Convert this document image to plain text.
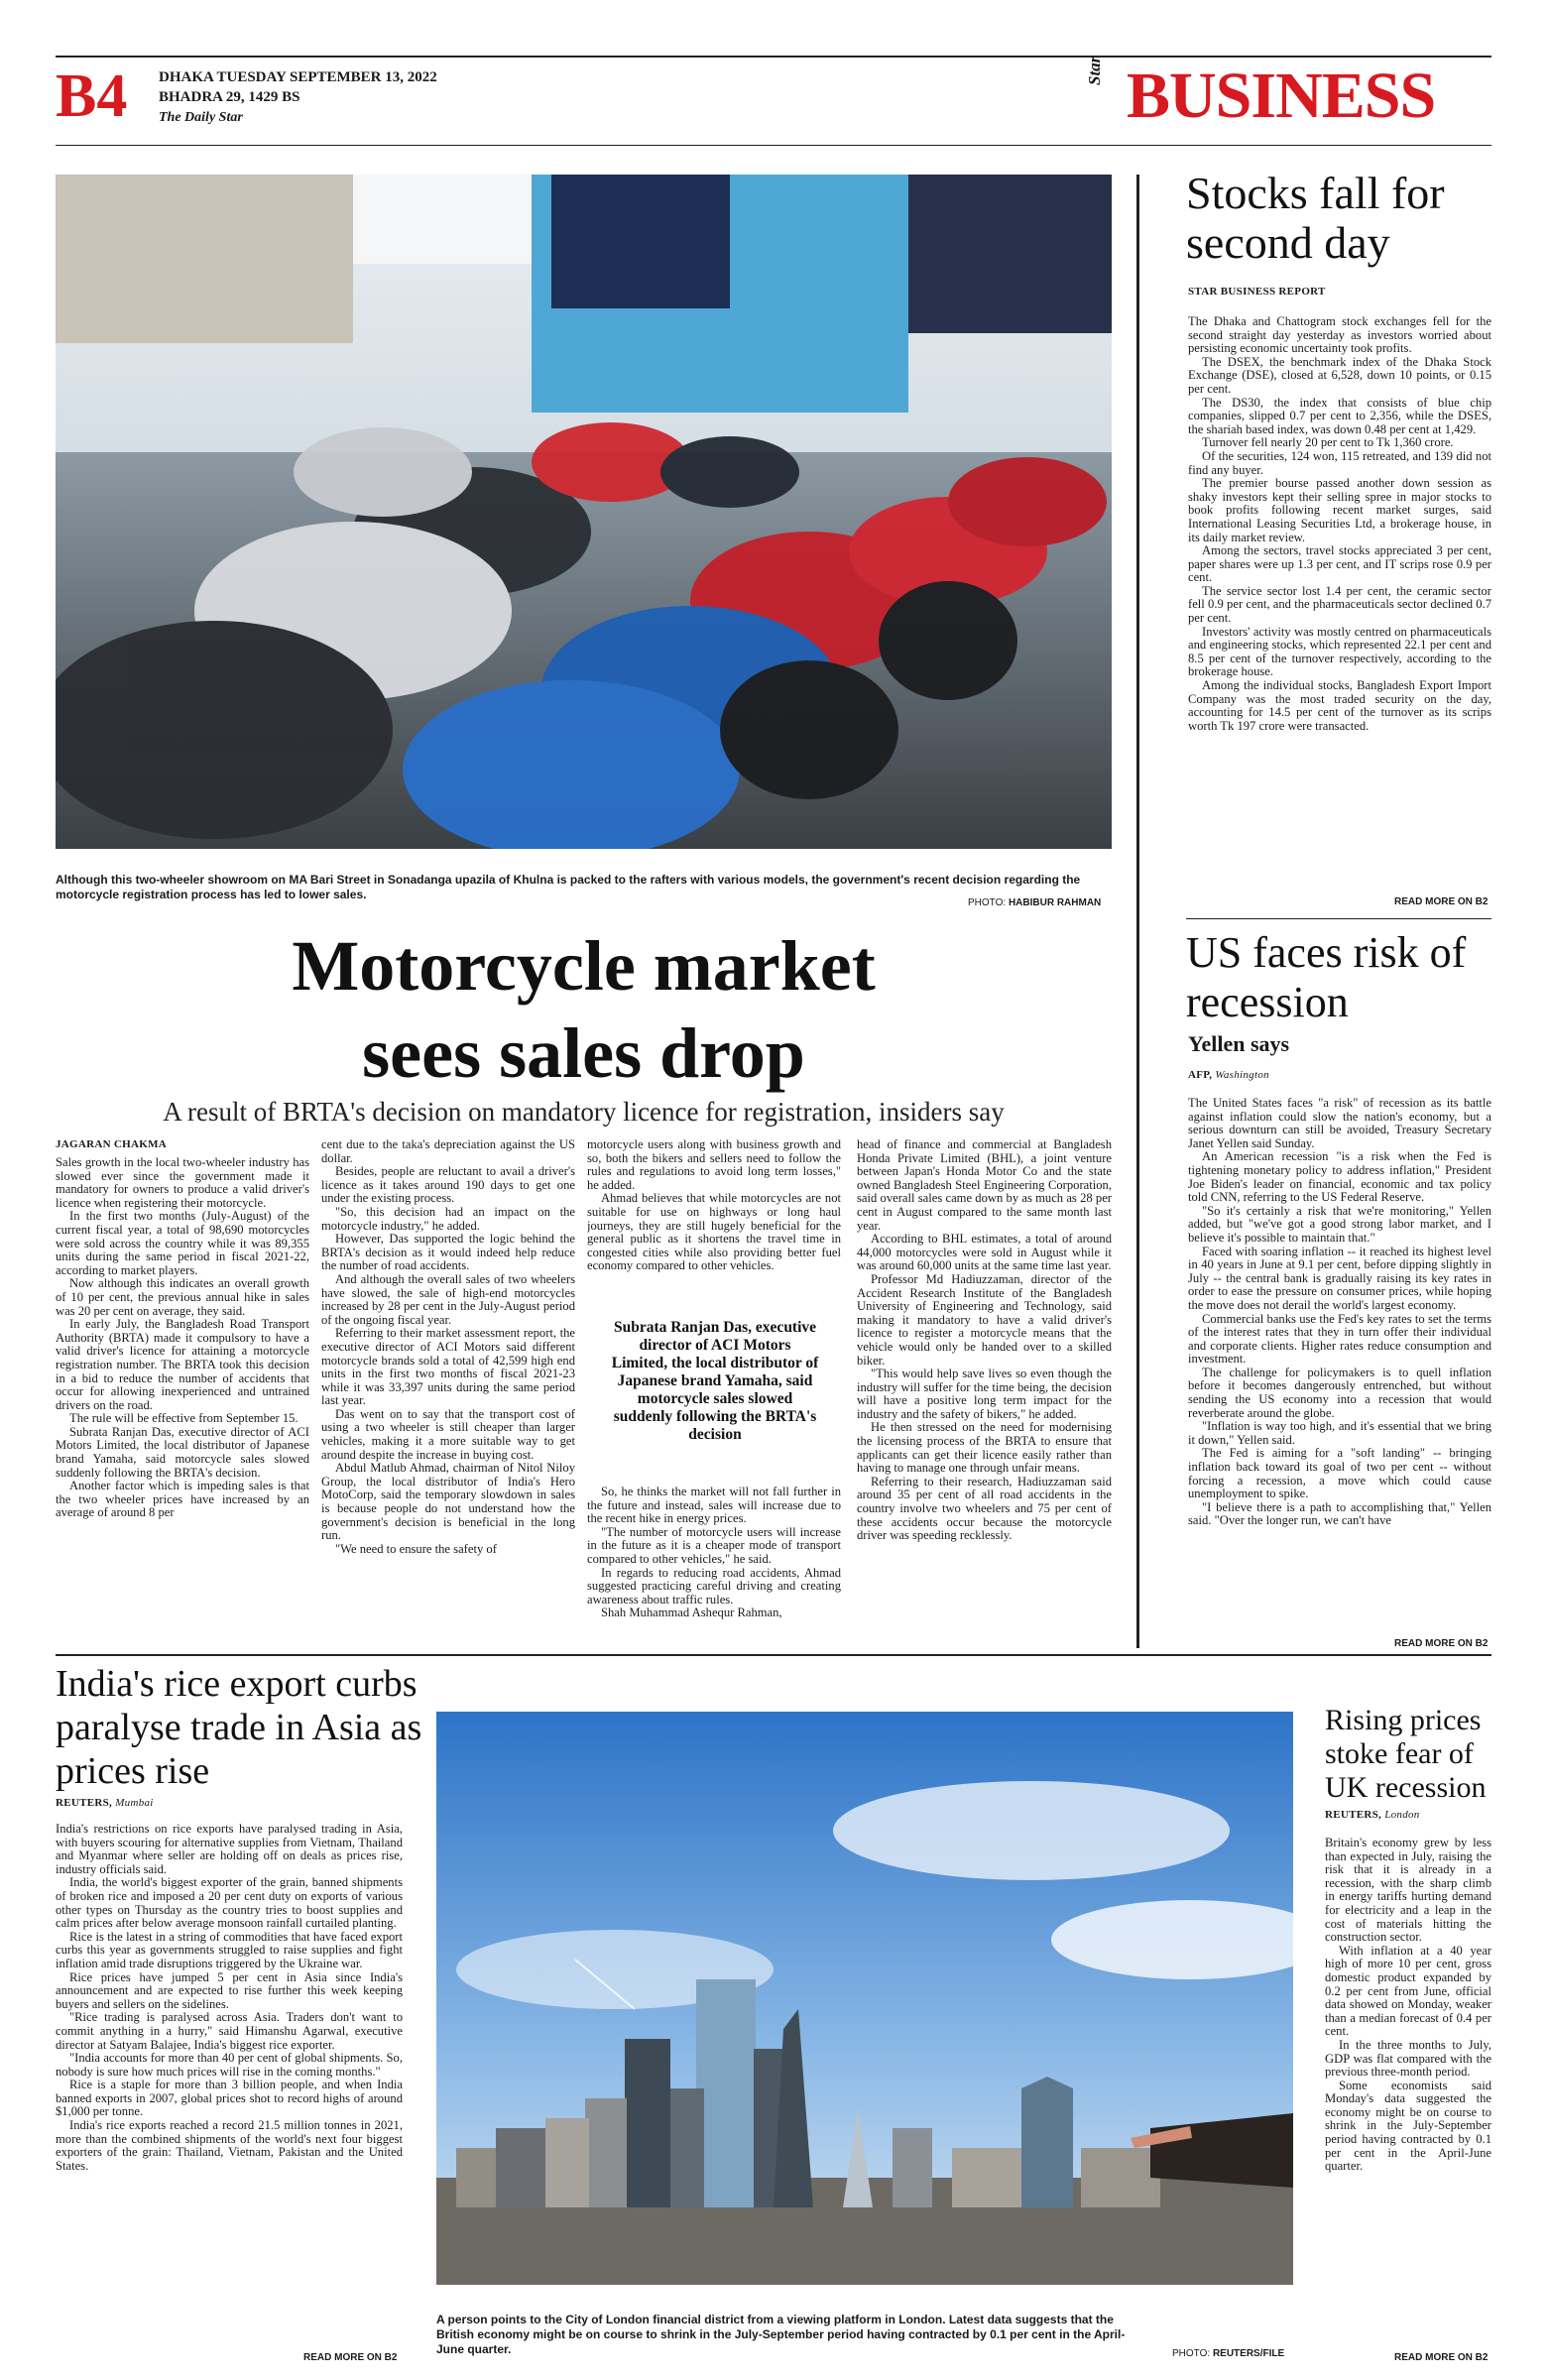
B4 DHAKA TUESDAY SEPTEMBER 13, 2022
BHADRA 29, 1429 BS
The Daily Star
Star BUSINESS
Although this two-wheeler showroom on MA Bari Street in Sonadanga upazila of Khulna is packed to the rafters with various models, the government's recent decision regarding the motorcycle registration process has led to lower sales.
PHOTO: HABIBUR RAHMAN
Motorcycle market
sees sales drop
A result of BRTA's decision on mandatory licence for registration, insiders say
JAGARAN CHAKMA

Sales growth in the local two-wheeler industry has slowed ever since the government made it mandatory for owners to produce a valid driver's licence when registering their motorcycle.

In the first two months (July-August) of the current fiscal year, a total of 98,690 motorcycles were sold across the country while it was 89,355 units during the same period in fiscal 2021-22, according to market players.

Now although this indicates an overall growth of 10 per cent, the previous annual hike in sales was 20 per cent on average, they said.

In early July, the Bangladesh Road Transport Authority (BRTA) made it compulsory to have a valid driver's licence for attaining a motorcycle registration number. The BRTA took this decision in a bid to reduce the number of accidents that occur for allowing inexperienced and untrained drivers on the road.

The rule will be effective from September 15.

Subrata Ranjan Das, executive director of ACI Motors Limited, the local distributor of Japanese brand Yamaha, said motorcycle sales slowed suddenly following the BRTA's decision.

Another factor which is impeding sales is that the two wheeler prices have increased by an average of around 8 per

cent due to the taka's depreciation against the US dollar.

Besides, people are reluctant to avail a driver's licence as it takes around 190 days to get one under the existing process.

"So, this decision had an impact on the motorcycle industry," he added.

However, Das supported the logic behind the BRTA's decision as it would indeed help reduce the number of road accidents.

And although the overall sales of two wheelers have slowed, the sale of high-end motorcycles increased by 28 per cent in the July-August period of the ongoing fiscal year.

Referring to their market assessment report, the executive director of ACI Motors said different motorcycle brands sold a total of 42,599 high end units in the first two months of fiscal 2021-23 while it was 33,397 units during the same period last year.

Das went on to say that the transport cost of using a two wheeler is still cheaper than larger vehicles, making it a more suitable way to get around despite the increase in buying cost.

Abdul Matlub Ahmad, chairman of Nitol Niloy Group, the local distributor of India's Hero MotoCorp, said the temporary slowdown in sales is because people do not understand how the government's decision is beneficial in the long run.

"We need to ensure the safety of

motorcycle users along with business growth and so, both the bikers and sellers need to follow the rules and regulations to avoid long term losses," he added.

Ahmad believes that while motorcycles are not suitable for use on highways or long haul journeys, they are still hugely beneficial for the general public as it shortens the travel time in congested cities while also providing better fuel economy compared to other vehicles.

Subrata Ranjan Das, executive director of ACI Motors Limited, the local distributor of Japanese brand Yamaha, said motorcycle sales slowed suddenly following the BRTA's decision

So, he thinks the market will not fall further in the future and instead, sales will increase due to the recent hike in energy prices.

"The number of motorcycle users will increase in the future as it is a cheaper mode of transport compared to other vehicles," he said.

In regards to reducing road accidents, Ahmad suggested practicing careful driving and creating awareness about traffic rules.

Shah Muhammad Ashequr Rahman,

head of finance and commercial at Bangladesh Honda Private Limited (BHL), a joint venture between Japan's Honda Motor Co and the state owned Bangladesh Steel Engineering Corporation, said overall sales came down by as much as 28 per cent in August compared to the same month last year.

According to BHL estimates, a total of around 44,000 motorcycles were sold in August while it was around 60,000 units at the same time last year.

Professor Md Hadiuzzaman, director of the Accident Research Institute of the Bangladesh University of Engineering and Technology, said making it mandatory to have a valid driver's licence to register a motorcycle means that the vehicle would only be handed over to a skilled biker.

"This would help save lives so even though the industry will suffer for the time being, the decision will have a positive long term impact for the industry and the safety of bikers," he added.

He then stressed on the need for modernising the licensing process of the BRTA to ensure that applicants can get their licence easily rather than having to manage one through unfair means.

Referring to their research, Hadiuzzaman said around 35 per cent of all road accidents in the country involve two wheelers and 75 per cent of these accidents occur because the motorcycle driver was speeding recklessly.

Stocks fall for second day
STAR BUSINESS REPORT

The Dhaka and Chattogram stock exchanges fell for the second straight day yesterday as investors worried about persisting economic uncertainty took profits.

The DSEX, the benchmark index of the Dhaka Stock Exchange (DSE), closed at 6,528, down 10 points, or 0.15 per cent.

The DS30, the index that consists of blue chip companies, slipped 0.7 per cent to 2,356, while the DSES, the shariah based index, was down 0.48 per cent at 1,429.

Turnover fell nearly 20 per cent to Tk 1,360 crore.

Of the securities, 124 won, 115 retreated, and 139 did not find any buyer.

The premier bourse passed another down session as shaky investors kept their selling spree in major stocks to book profits following recent market surges, said International Leasing Securities Ltd, a brokerage house, in its daily market review.

Among the sectors, travel stocks appreciated 3 per cent, paper shares were up 1.3 per cent, and IT scrips rose 0.9 per cent.

The service sector lost 1.4 per cent, the ceramic sector fell 0.9 per cent, and the pharmaceuticals sector declined 0.7 per cent.

Investors' activity was mostly centred on pharmaceuticals and engineering stocks, which represented 22.1 per cent and 8.5 per cent of the turnover respectively, according to the brokerage house.

Among the individual stocks, Bangladesh Export Import Company was the most traded security on the day, accounting for 14.5 per cent of the turnover as its scrips worth Tk 197 crore were transacted.

READ MORE ON B2
US faces risk of recession
Yellen says
AFP, Washington

The United States faces "a risk" of recession as its battle against inflation could slow the nation's economy, but a serious downturn can still be avoided, Treasury Secretary Janet Yellen said Sunday.

An American recession "is a risk when the Fed is tightening monetary policy to address inflation," President Joe Biden's leader on financial, economic and tax policy told CNN, referring to the US Federal Reserve.

"So it's certainly a risk that we're monitoring," Yellen added, but "we've got a good strong labor market, and I believe it's possible to maintain that."

Faced with soaring inflation -- it reached its highest level in 40 years in June at 9.1 per cent, before dipping slightly in July -- the central bank is gradually raising its key rates in order to ease the pressure on consumer prices, while hoping the move does not derail the world's largest economy.

Commercial banks use the Fed's key rates to set the terms of the interest rates that they in turn offer their individual and corporate clients. Higher rates reduce consumption and investment.

The challenge for policymakers is to quell inflation before it becomes dangerously entrenched, but without sending the US economy into a recession that would reverberate around the globe.

"Inflation is way too high, and it's essential that we bring it down," Yellen said.

The Fed is aiming for a "soft landing" -- bringing inflation back toward its goal of two per cent -- without forcing a recession, a move which could cause unemployment to spike.

"I believe there is a path to accomplishing that," Yellen said. "Over the longer run, we can't have

READ MORE ON B2
India's rice export curbs paralyse trade in Asia as prices rise
REUTERS, Mumbai

India's restrictions on rice exports have paralysed trading in Asia, with buyers scouring for alternative supplies from Vietnam, Thailand and Myanmar where seller are holding off on deals as prices rise, industry officials said.

India, the world's biggest exporter of the grain, banned shipments of broken rice and imposed a 20 per cent duty on exports of various other types on Thursday as the country tries to boost supplies and calm prices after below average monsoon rainfall curtailed planting.

Rice is the latest in a string of commodities that have faced export curbs this year as governments struggled to raise supplies and fight inflation amid trade disruptions triggered by the Ukraine war.

Rice prices have jumped 5 per cent in Asia since India's announcement and are expected to rise further this week keeping buyers and sellers on the sidelines.

"Rice trading is paralysed across Asia. Traders don't want to commit anything in a hurry," said Himanshu Agarwal, executive director at Satyam Balajee, India's biggest rice exporter.

"India accounts for more than 40 per cent of global shipments. So, nobody is sure how much prices will rise in the coming months."

Rice is a staple for more than 3 billion people, and when India banned exports in 2007, global prices shot to record highs of around $1,000 per tonne.

India's rice exports reached a record 21.5 million tonnes in 2021, more than the combined shipments of the world's next four biggest exporters of the grain: Thailand, Vietnam, Pakistan and the United States.

READ MORE ON B2
A person points to the City of London financial district from a viewing platform in London. Latest data suggests that the British economy might be on course to shrink in the July-September period having contracted by 0.1 per cent in the April-June quarter.	PHOTO: REUTERS/FILE
Rising prices stoke fear of UK recession
REUTERS, London

Britain's economy grew by less than expected in July, raising the risk that it is already in a recession, with the sharp climb in energy tariffs hurting demand for electricity and a leap in the cost of materials hitting the construction sector.

With inflation at a 40 year high of more 10 per cent, gross domestic product expanded by 0.2 per cent from June, official data showed on Monday, weaker than a median forecast of 0.4 per cent.

In the three months to July, GDP was flat compared with the previous three-month period.

Some economists said Monday's data suggested the economy might be on course to shrink in the July-September period having contracted by 0.1 per cent in the April-June quarter.

READ MORE ON B2
